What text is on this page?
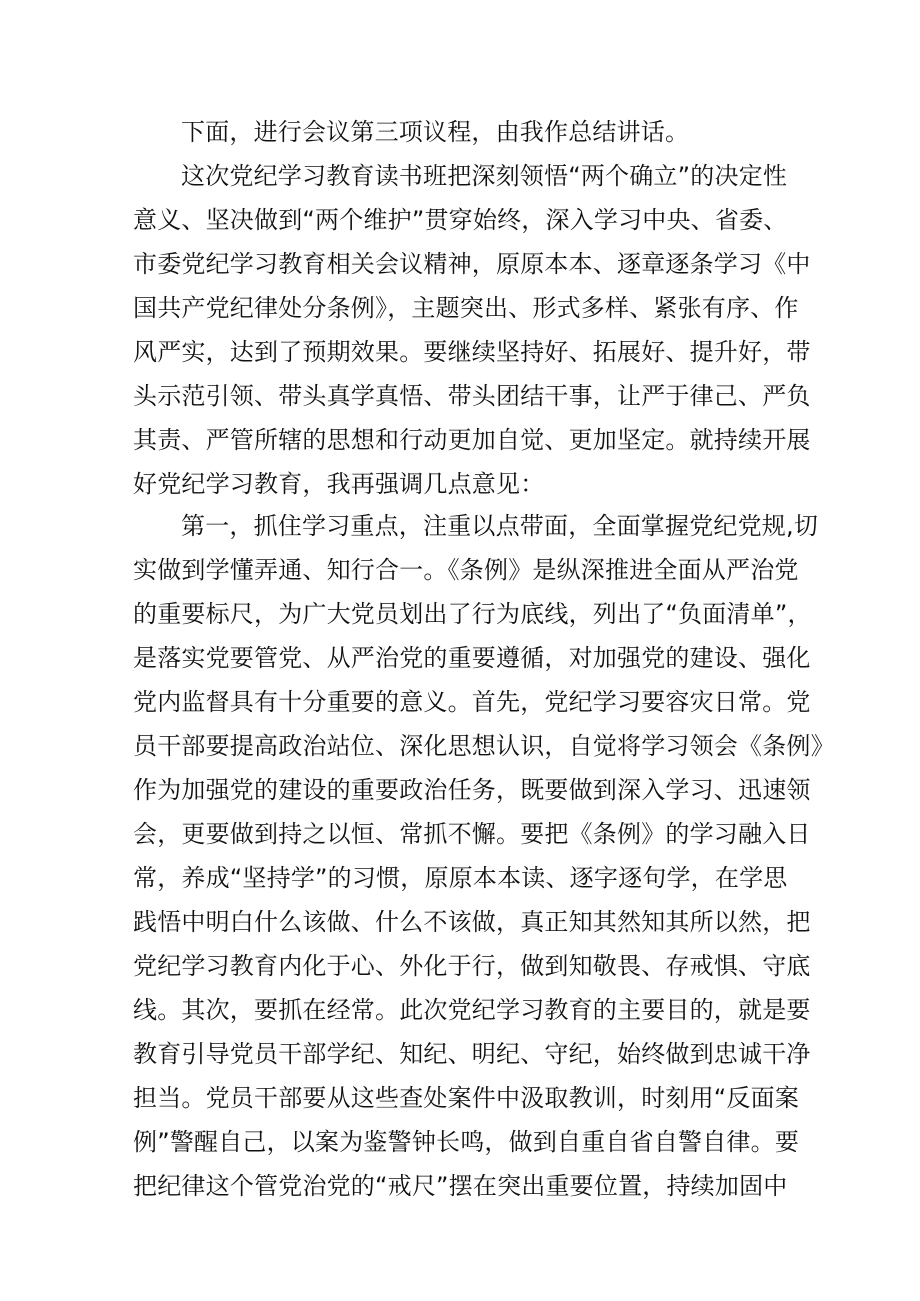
下面，进行会议第三项议程，由我作总结讲话。
这次党纪学习教育读书班把深刻领悟“两个确立”的决定性
意义、坚决做到“两个维护”贯穿始终，深入学习中央、省委、
市委党纪学习教育相关会议精神，原原本本、逐章逐条学习《中
国共产党纪律处分条例》，主题突出、形式多样、紧张有序、作
风严实，达到了预期效果。要继续坚持好、拓展好、提升好，带
头示范引领、带头真学真悟、带头团结干事，让严于律己、严负
其责、严管所辖的思想和行动更加自觉、更加坚定。就持续开展
好党纪学习教育，我再强调几点意见：
第一，抓住学习重点，注重以点带面，全面掌握党纪党规,切
实做到学懂弄通、知行合一。《条例》是纵深推进全面从严治党
的重要标尺，为广大党员划出了行为底线，列出了“负面清单”，
是落实党要管党、从严治党的重要遵循，对加强党的建设、强化
党内监督具有十分重要的意义。首先，党纪学习要容灾日常。党
员干部要提高政治站位、深化思想认识，自觉将学习领会《条例》
作为加强党的建设的重要政治任务，既要做到深入学习、迅速领
会，更要做到持之以恒、常抓不懈。要把《条例》的学习融入日
常，养成“坚持学”的习惯，原原本本读、逐字逐句学，在学思
践悟中明白什么该做、什么不该做，真正知其然知其所以然，把
党纪学习教育内化于心、外化于行，做到知敬畏、存戒惧、守底
线。其次，要抓在经常。此次党纪学习教育的主要目的，就是要
教育引导党员干部学纪、知纪、明纪、守纪，始终做到忠诚干净
担当。党员干部要从这些查处案件中汲取教训，时刻用“反面案
例”警醒自己，以案为鉴警钟长鸣，做到自重自省自警自律。要
把纪律这个管党治党的“戒尺”摆在突出重要位置，持续加固中
